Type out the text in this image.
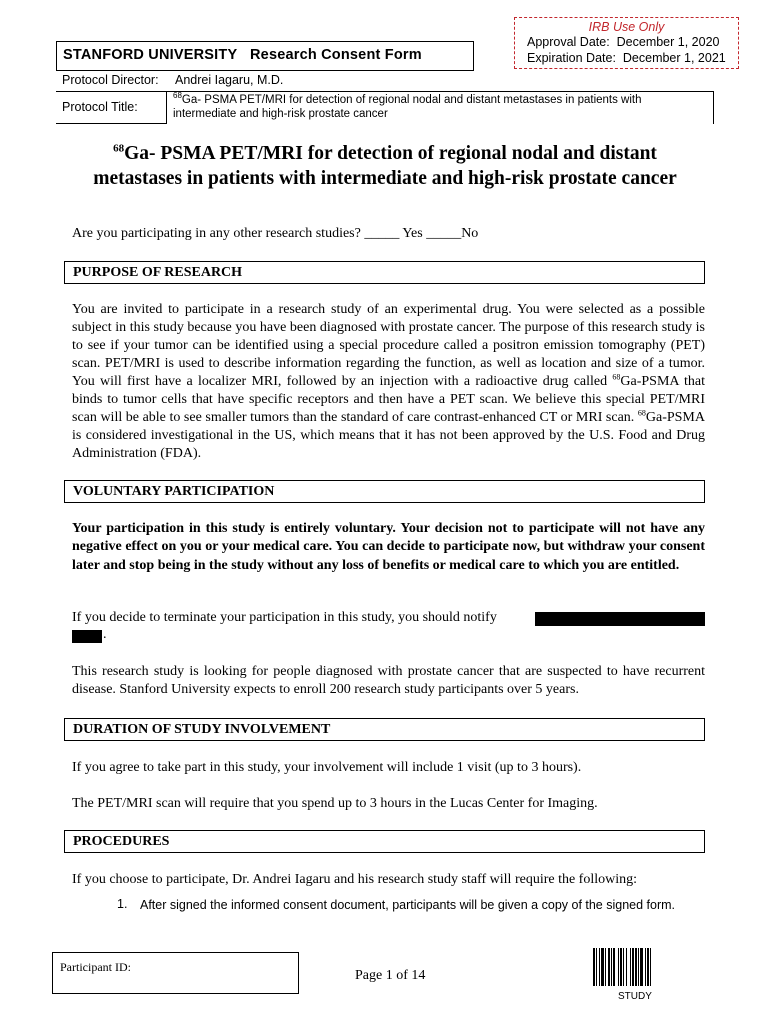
IRB Use Only
Approval Date: December 1, 2020
Expiration Date: December 1, 2021
STANFORD UNIVERSITY Research Consent Form
Protocol Director: Andrei Iagaru, M.D.
Protocol Title:
$^{68}$Ga- PSMA PET/MRI for detection of regional nodal and distant metastases in patients with
intermediate and high-risk prostate cancer
$^{68}$Ga- PSMA PET/MRI for detection of regional nodal and distant
metastases in patients with intermediate and high-risk prostate cancer
Are you participating in any other research studies? _____ Yes _____No
PURPOSE OF RESEARCH
You are invited to participate in a research study of an experimental drug. You were selected as a possible subject in this study because you have been diagnosed with prostate cancer. The purpose of this research study is to see if your tumor can be identified using a special procedure called a positron emission tomography (PET) scan. PET/MRI is used to describe information regarding the function, as well as location and size of a tumor. You will first have a localizer MRI, followed by an injection with a radioactive drug called $^{68}$Ga-PSMA that binds to tumor cells that have specific receptors and then have a PET scan. We believe this special PET/MRI scan will be able to see smaller tumors than the standard of care contrast-enhanced CT or MRI scan. $^{68}$Ga-PSMA is considered investigational in the US, which means that it has not been approved by the U.S. Food and Drug Administration (FDA).
VOLUNTARY PARTICIPATION
Your participation in this study is entirely voluntary. Your decision not to participate will not have any negative effect on you or your medical care. You can decide to participate now, but withdraw your consent later and stop being in the study without any loss of benefits or medical care to which you are entitled.
If you decide to terminate your participation in this study, you should notify
.
This research study is looking for people diagnosed with prostate cancer that are suspected to have recurrent disease. Stanford University expects to enroll 200 research study participants over 5 years.
DURATION OF STUDY INVOLVEMENT
If you agree to take part in this study, your involvement will include 1 visit (up to 3 hours).
The PET/MRI scan will require that you spend up to 3 hours in the Lucas Center for Imaging.
PROCEDURES
If you choose to participate, Dr. Andrei Iagaru and his research study staff will require the following:
1. After signed the informed consent document, participants will be given a copy of the signed form.
Participant ID:
Page 1 of 14
STUDY
